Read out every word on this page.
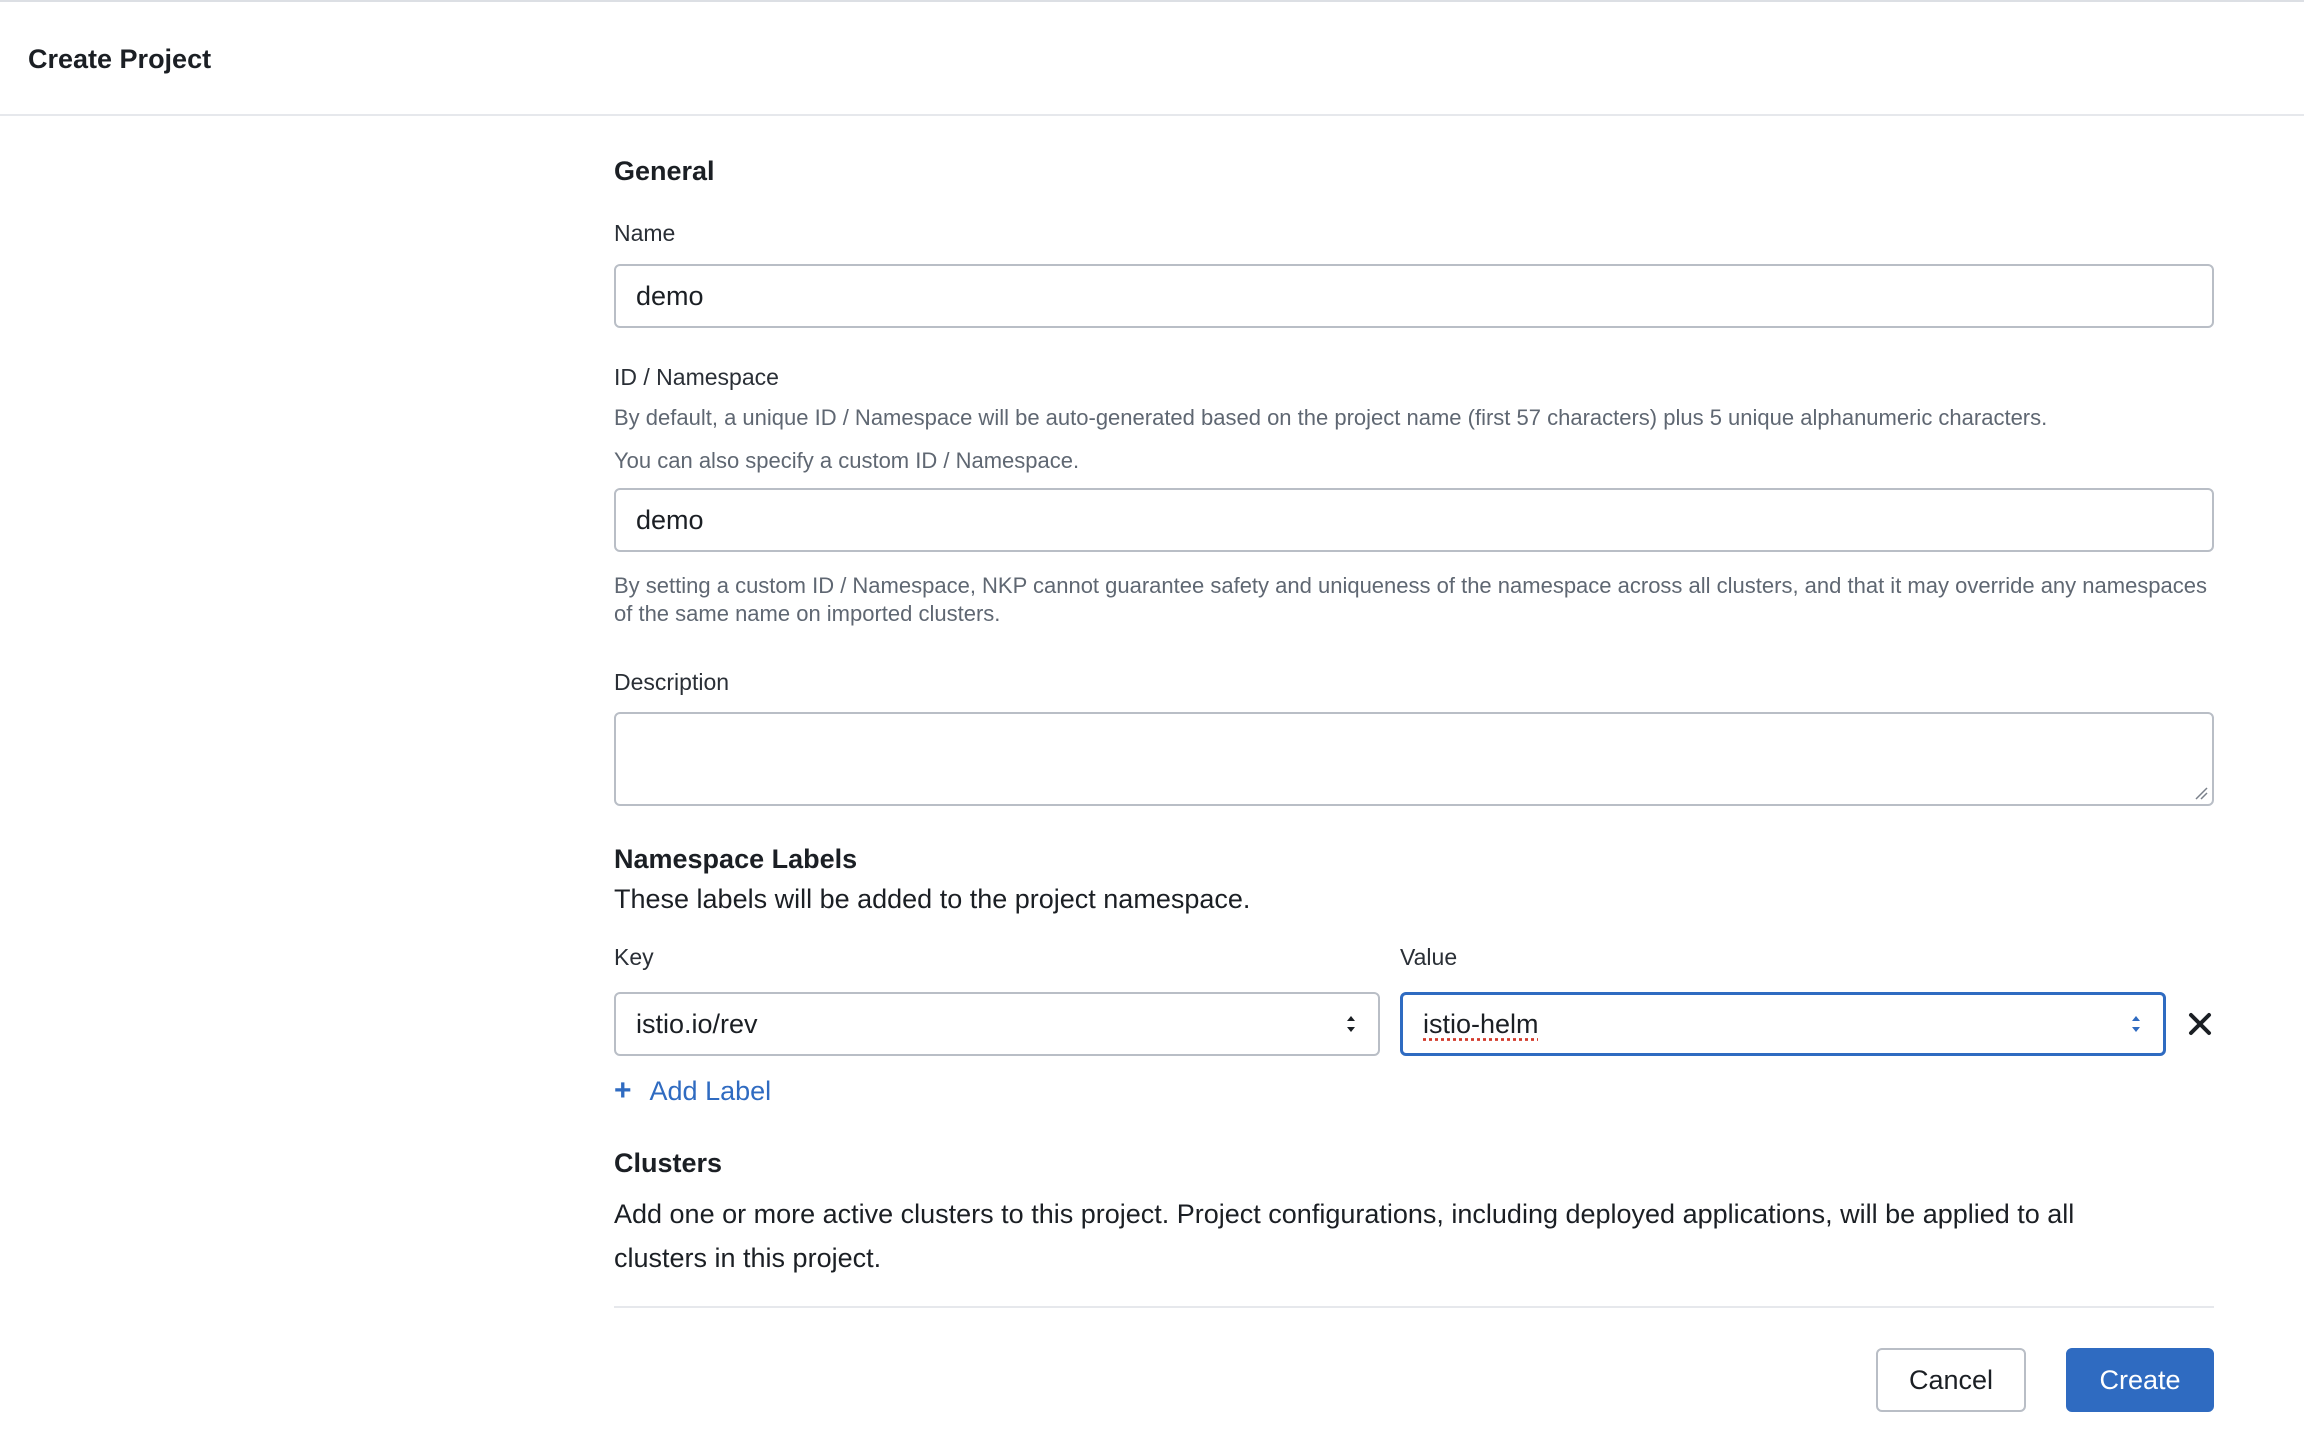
Create Project
General
Name
demo
ID / Namespace
By default, a unique ID / Namespace will be auto-generated based on the project name (first 57 characters) plus 5 unique alphanumeric characters.
You can also specify a custom ID / Namespace.
demo
By setting a custom ID / Namespace, NKP cannot guarantee safety and uniqueness of the namespace across all clusters, and that it may override any namespaces of the same name on imported clusters.
Description
Namespace Labels
These labels will be added to the project namespace.
Key	Value
istio.io/rev	istio-helm
+ Add Label
Clusters
Add one or more active clusters to this project. Project configurations, including deployed applications, will be applied to all clusters in this project.
Cancel	Create
